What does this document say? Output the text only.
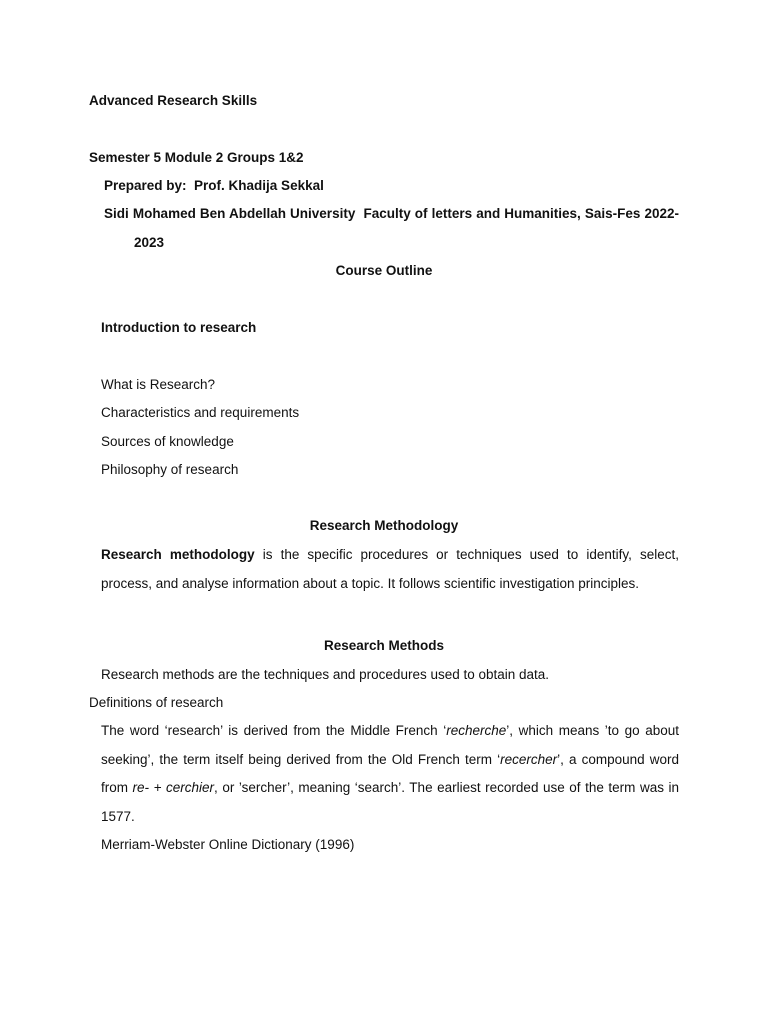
Advanced Research Skills
Semester 5 Module 2 Groups 1&2
Prepared by: Prof. Khadija Sekkal
Sidi Mohamed Ben Abdellah University  Faculty of letters and Humanities, Sais-Fes 2022-
2023
Course Outline
Introduction to research
What is Research?
Characteristics and requirements
Sources of knowledge
Philosophy of research
Research Methodology

Research methodology is the specific procedures or techniques used to identify, select, process, and analyse information about a topic. It follows scientific investigation principles.

Research Methods
Research methods are the techniques and procedures used to obtain data.
Definitions of research

The word ‘research’ is derived from the Middle French ‘recherche’, which means ’to go about seeking’, the term itself being derived from the Old French term ‘recercher’, a compound word from re- + cerchier, or ’sercher’, meaning ‘search’. The earliest recorded use of the term was in 1577.

Merriam-Webster Online Dictionary (1996)
